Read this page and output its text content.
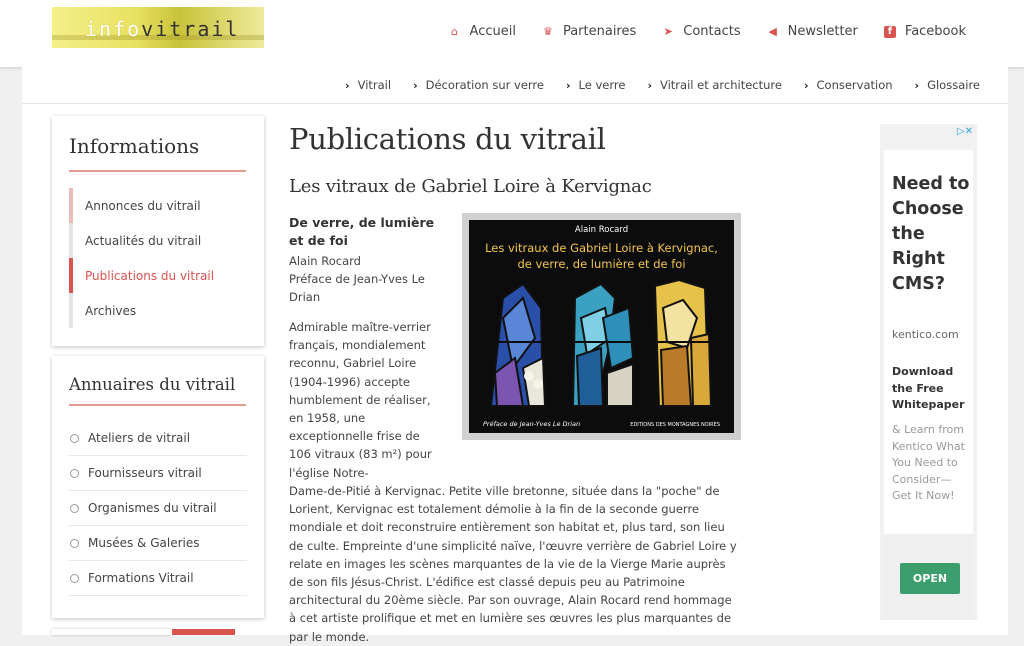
infovitrail	⌂ Accueil ♛ Partenaires ➤ Contacts	◀ Newsletter	f Facebook
› Vitrail › Décoration sur verre › Le verre › Vitrail et architecture › Conservation › Glossaire
Informations
Annonces du vitrail
Actualités du vitrail
Publications du vitrail
Archives
Annuaires du vitrail
Ateliers de vitrail
Fournisseurs vitrail
Organismes du vitrail
Musées & Galeries
Formations Vitrail
Publications du vitrail
Les vitraux de Gabriel Loire à Kervignac
De verre, de lumière et de foi
Alain Rocard
Préface de Jean-Yves Le Drian
Admirable maître-verrier français, mondialement reconnu, Gabriel Loire (1904-1996) accepte humblement de réaliser, en 1958, une exceptionnelle frise de 106 vitraux (83 m²) pour l'église Notre-
Dame-de-Pitié à Kervignac. Petite ville bretonne, située dans la "poche" de Lorient, Kervignac est totalement démolie à la fin de la seconde guerre mondiale et doit reconstruire entièrement son habitat et, plus tard, son lieu de culte. Empreinte d'une simplicité naïve, l'œuvre verrière de Gabriel Loire y relate en images les scènes marquantes de la vie de la Vierge Marie auprès de son fils Jésus-Christ. L'édifice est classé depuis peu au Patrimoine architectural du 20ème siècle. Par son ouvrage, Alain Rocard rend hommage à cet artiste prolifique et met en lumière ses œuvres les plus marquantes de par le monde.
Alain Rocard
Les vitraux de Gabriel Loire à Kervignac,
de verre, de lumière et de foi
Préface de Jean-Yves Le Drian	EDITIONS DES MONTAGNES NOIRES
▷✕
Need to Choose the Right CMS?
kentico.com
Download the Free Whitepaper
& Learn from Kentico What You Need to Consider— Get It Now!
OPEN
